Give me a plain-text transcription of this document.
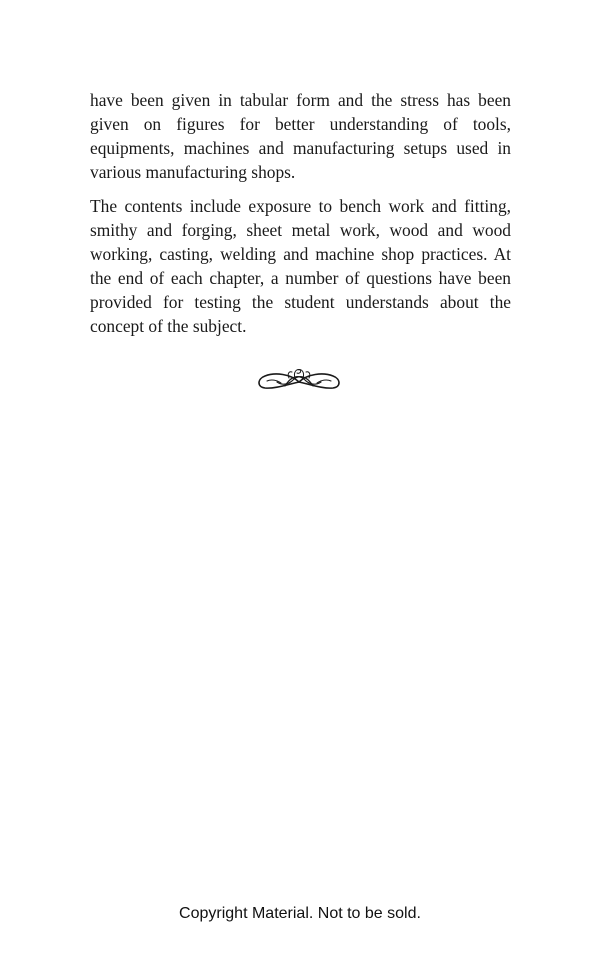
have been given in tabular form and the stress has been given on figures for better understanding of tools, equipments, machines and manufacturing setups used in various manufacturing shops.

The contents include exposure to bench work and fitting, smithy and forging, sheet metal work, wood and wood working, casting, welding and machine shop practices. At the end of each chapter, a number of questions have been provided for testing the student understands about the concept of the subject.

Copyright Material. Not to be sold.
